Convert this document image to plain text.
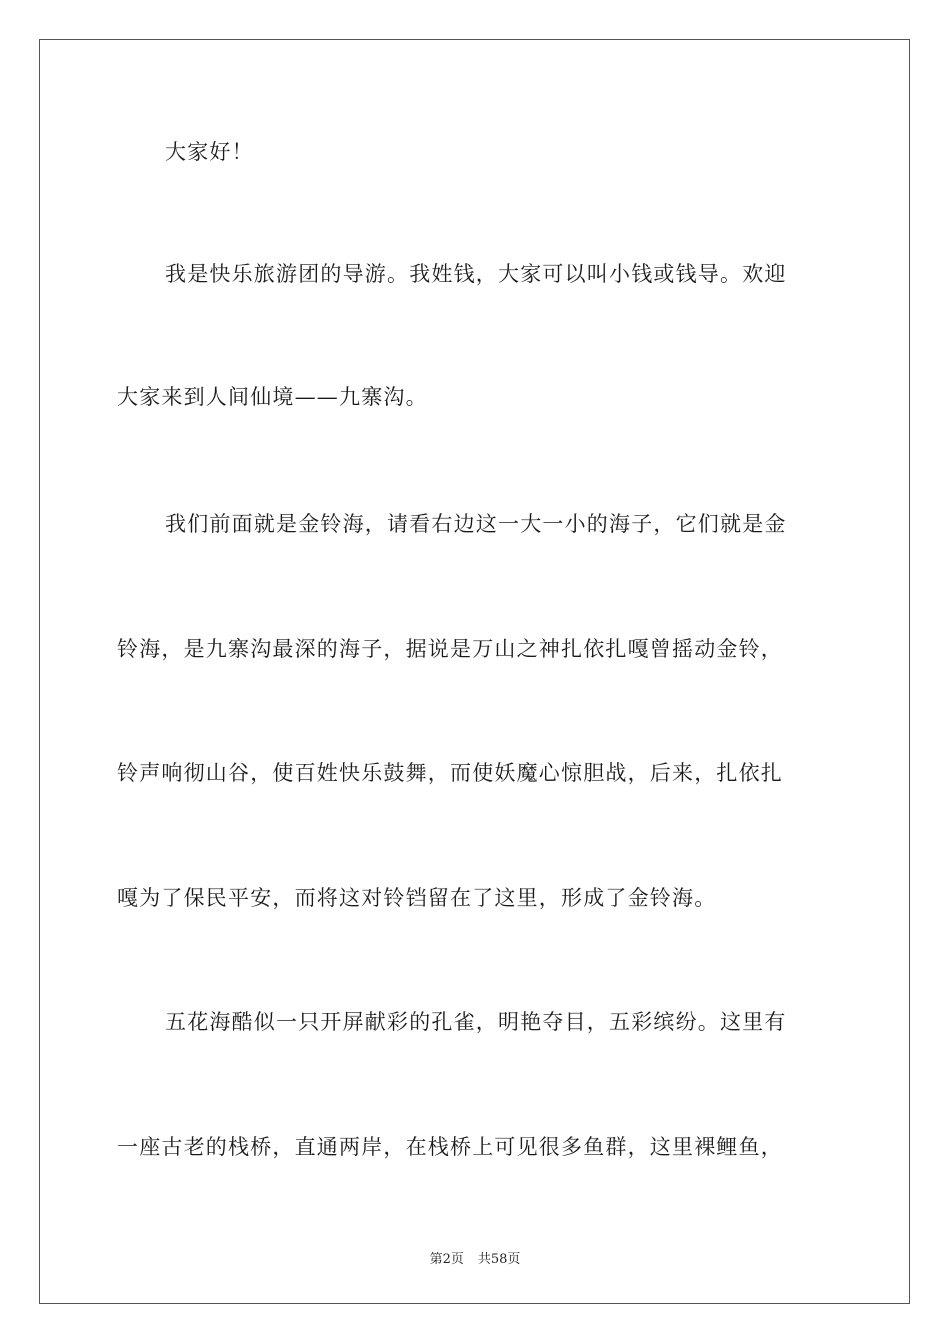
大家好！
我是快乐旅游团的导游。我姓钱，大家可以叫小钱或钱导。欢迎
大家来到人间仙境——九寨沟。
我们前面就是金铃海，请看右边这一大一小的海子，它们就是金
铃海，是九寨沟最深的海子，据说是万山之神扎依扎嘎曾摇动金铃，
铃声响彻山谷，使百姓快乐鼓舞，而使妖魔心惊胆战，后来，扎依扎
嘎为了保民平安，而将这对铃铛留在了这里，形成了金铃海。
五花海酷似一只开屏献彩的孔雀，明艳夺目，五彩缤纷。这里有
一座古老的栈桥，直通两岸，在栈桥上可见很多鱼群，这里裸鲤鱼，
第2页 共58页
